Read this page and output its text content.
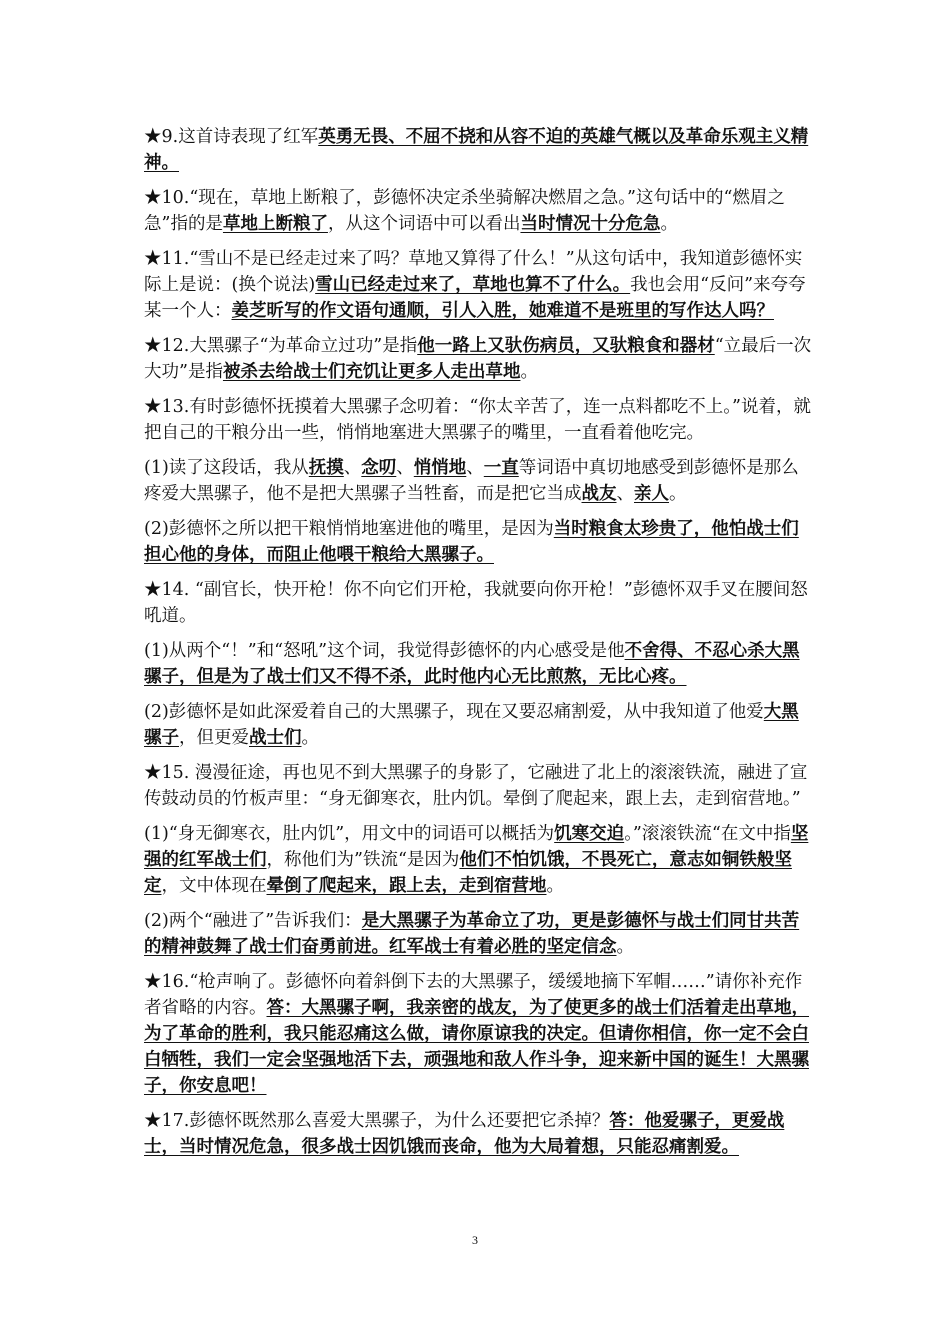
★9.这首诗表现了红军英勇无畏、不屈不挠和从容不迫的英雄气概以及革命乐观主义精神。

★10.“现在，草地上断粮了，彭德怀决定杀坐骑解决燃眉之急。”这句话中的“燃眉之急”指的是草地上断粮了，从这个词语中可以看出当时情况十分危急。

★11.“雪山不是已经走过来了吗？草地又算得了什么！”从这句话中，我知道彭德怀实际上是说：(换个说法)雪山已经走过来了，草地也算不了什么。我也会用“反问”来夸夸某一个人：姜芝昕写的作文语句通顺，引人入胜，她难道不是班里的写作达人吗？

★12.大黑骡子“为革命立过功”是指他一路上又驮伤病员，又驮粮食和器材“立最后一次大功”是指被杀去给战士们充饥让更多人走出草地。

★13.有时彭德怀抚摸着大黑骡子念叨着：“你太辛苦了，连一点料都吃不上。”说着，就把自己的干粮分出一些，悄悄地塞进大黑骡子的嘴里，一直看着他吃完。

(1)读了这段话，我从抚摸、念叨、悄悄地、一直等词语中真切地感受到彭德怀是那么疼爱大黑骡子，他不是把大黑骡子当牲畜，而是把它当成战友、亲人。

(2)彭德怀之所以把干粮悄悄地塞进他的嘴里，是因为当时粮食太珍贵了，他怕战士们担心他的身体，而阻止他喂干粮给大黑骡子。

★14. “副官长，快开枪！你不向它们开枪，我就要向你开枪！”彭德怀双手叉在腰间怒吼道。

(1)从两个“！”和“怒吼”这个词，我觉得彭德怀的内心感受是他不舍得、不忍心杀大黑骡子，但是为了战士们又不得不杀，此时他内心无比煎熬，无比心疼。

(2)彭德怀是如此深爱着自己的大黑骡子，现在又要忍痛割爱，从中我知道了他爱大黑骡子，但更爱战士们。

★15. 漫漫征途，再也见不到大黑骡子的身影了，它融进了北上的滚滚铁流，融进了宣传鼓动员的竹板声里：“身无御寒衣，肚内饥。晕倒了爬起来，跟上去，走到宿营地。”

(1)“身无御寒衣，肚内饥”，用文中的词语可以概括为饥寒交迫。”滚滚铁流“在文中指坚强的红军战士们，称他们为”铁流“是因为他们不怕饥饿，不畏死亡，意志如铜铁般坚定，文中体现在晕倒了爬起来，跟上去，走到宿营地。

(2)两个“融进了”告诉我们：是大黑骡子为革命立了功，更是彭德怀与战士们同甘共苦的精神鼓舞了战士们奋勇前进。红军战士有着必胜的坚定信念。

★16.“枪声响了。彭德怀向着斜倒下去的大黑骡子，缓缓地摘下军帽……”请你补充作者省略的内容。答：大黑骡子啊，我亲密的战友，为了使更多的战士们活着走出草地，为了革命的胜利，我只能忍痛这么做，请你原谅我的决定。但请你相信，你一定不会白白牺牲，我们一定会坚强地活下去，顽强地和敌人作斗争，迎来新中国的诞生！大黑骡子，你安息吧！

★17.彭德怀既然那么喜爱大黑骡子，为什么还要把它杀掉？答：他爱骡子，更爱战士，当时情况危急，很多战士因饥饿而丧命，他为大局着想，只能忍痛割爱。

3
